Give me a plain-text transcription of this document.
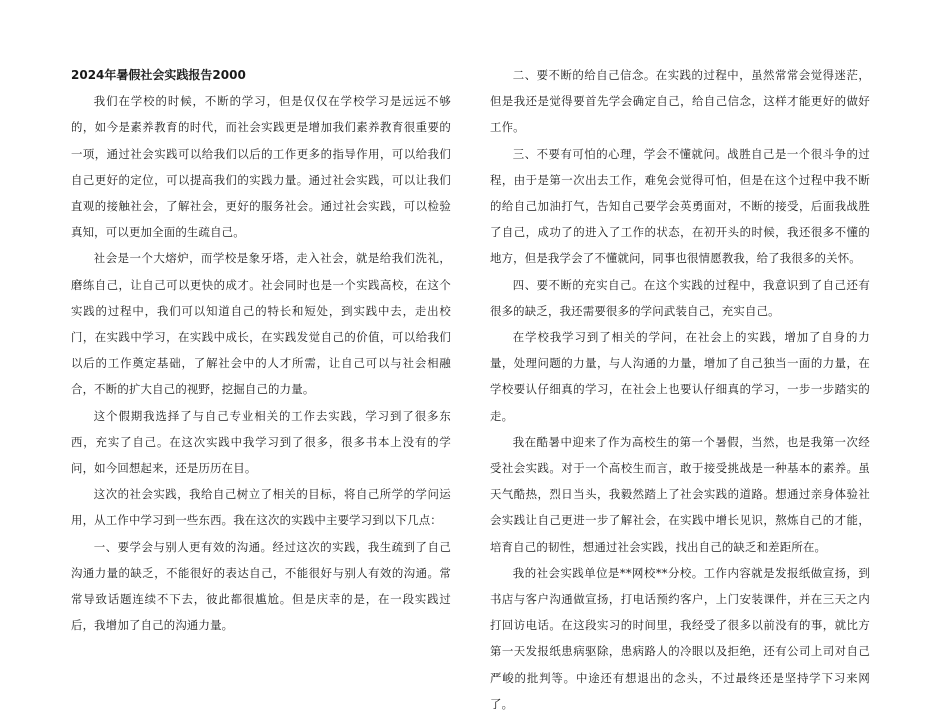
2024年暑假社会实践报告2000

我们在学校的时候，不断的学习，但是仅仅在学校学习是远远不够的，如今是素养教育的时代，而社会实践更是增加我们素养教育很重要的一项，通过社会实践可以给我们以后的工作更多的指导作用，可以给我们自己更好的定位，可以提高我们的实践力量。通过社会实践，可以让我们直观的接触社会，了解社会，更好的服务社会。通过社会实践，可以检验真知，可以更加全面的生疏自己。

社会是一个大熔炉，而学校是象牙塔，走入社会，就是给我们洗礼，磨练自己，让自己可以更快的成才。社会同时也是一个实践高校，在这个实践的过程中，我们可以知道自己的特长和短处，到实践中去，走出校门，在实践中学习，在实践中成长，在实践发觉自己的价值，可以给我们以后的工作奠定基础，了解社会中的人才所需，让自己可以与社会相融合，不断的扩大自己的视野，挖掘自己的力量。

这个假期我选择了与自己专业相关的工作去实践，学习到了很多东西，充实了自己。在这次实践中我学习到了很多，很多书本上没有的学问，如今回想起来，还是历历在目。

这次的社会实践，我给自己树立了相关的目标，将自己所学的学问运用，从工作中学习到一些东西。我在这次的实践中主要学习到以下几点：

一、要学会与别人更有效的沟通。经过这次的实践，我生疏到了自己沟通力量的缺乏，不能很好的表达自己，不能很好与别人有效的沟通。常常导致话题连续不下去，彼此都很尴尬。但是庆幸的是，在一段实践过后，我增加了自己的沟通力量。

二、要不断的给自己信念。在实践的过程中，虽然常常会觉得迷茫，但是我还是觉得要首先学会确定自己，给自己信念，这样才能更好的做好工作。

三、不要有可怕的心理，学会不懂就问。战胜自己是一个很斗争的过程，由于是第一次出去工作，难免会觉得可怕，但是在这个过程中我不断的给自己加油打气，告知自己要学会英勇面对，不断的接受，后面我战胜了自己，成功了的进入了工作的状态，在初开头的时候，我还很多不懂的地方，但是我学会了不懂就问，同事也很情愿教我，给了我很多的关怀。

四、要不断的充实自己。在这个实践的过程中，我意识到了自己还有很多的缺乏，我还需要很多的学问武装自己，充实自己。

在学校我学习到了相关的学问，在社会上的实践，增加了自身的力量，处理问题的力量，与人沟通的力量，增加了自己独当一面的力量，在学校要认仔细真的学习，在社会上也要认仔细真的学习，一步一步踏实的走。

我在酷暑中迎来了作为高校生的第一个暑假，当然，也是我第一次经受社会实践。对于一个高校生而言，敢于接受挑战是一种基本的素养。虽天气酷热，烈日当头，我毅然踏上了社会实践的道路。想通过亲身体验社会实践让自己更进一步了解社会，在实践中增长见识，熬炼自己的才能，培育自己的韧性，想通过社会实践，找出自己的缺乏和差距所在。

我的社会实践单位是**网校**分校。工作内容就是发报纸做宣扬，到书店与客户沟通做宣扬，打电话预约客户，上门安装课件，并在三天之内打回访电话。在这段实习的时间里，我经受了很多以前没有的事，就比方第一天发报纸患病驱除，患病路人的冷眼以及拒绝，还有公司上司对自己严峻的批判等。中途还有想退出的念头，不过最终还是坚持学下习来网了。
